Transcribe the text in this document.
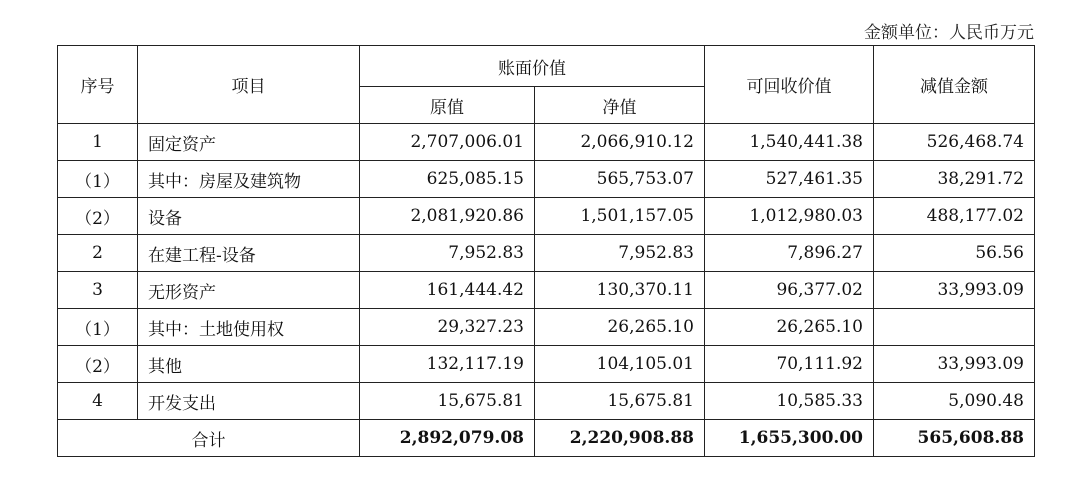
金额单位：人民币万元
序号	项目	账面价值		可回收价值	减值金额
		原值	净值		
1	固定资产	2,707,006.01	2,066,910.12	1,540,441.38	526,468.74
（1）	其中：房屋及建筑物	625,085.15	565,753.07	527,461.35	38,291.72
（2）	设备	2,081,920.86	1,501,157.05	1,012,980.03	488,177.02
2	在建工程-设备	7,952.83	7,952.83	7,896.27	56.56
3	无形资产	161,444.42	130,370.11	96,377.02	33,993.09
（1）	其中：土地使用权	29,327.23	26,265.10	26,265.10	
（2）	其他	132,117.19	104,105.01	70,111.92	33,993.09
4	开发支出	15,675.81	15,675.81	10,585.33	5,090.48
合计		2,892,079.08	2,220,908.88	1,655,300.00	565,608.88
